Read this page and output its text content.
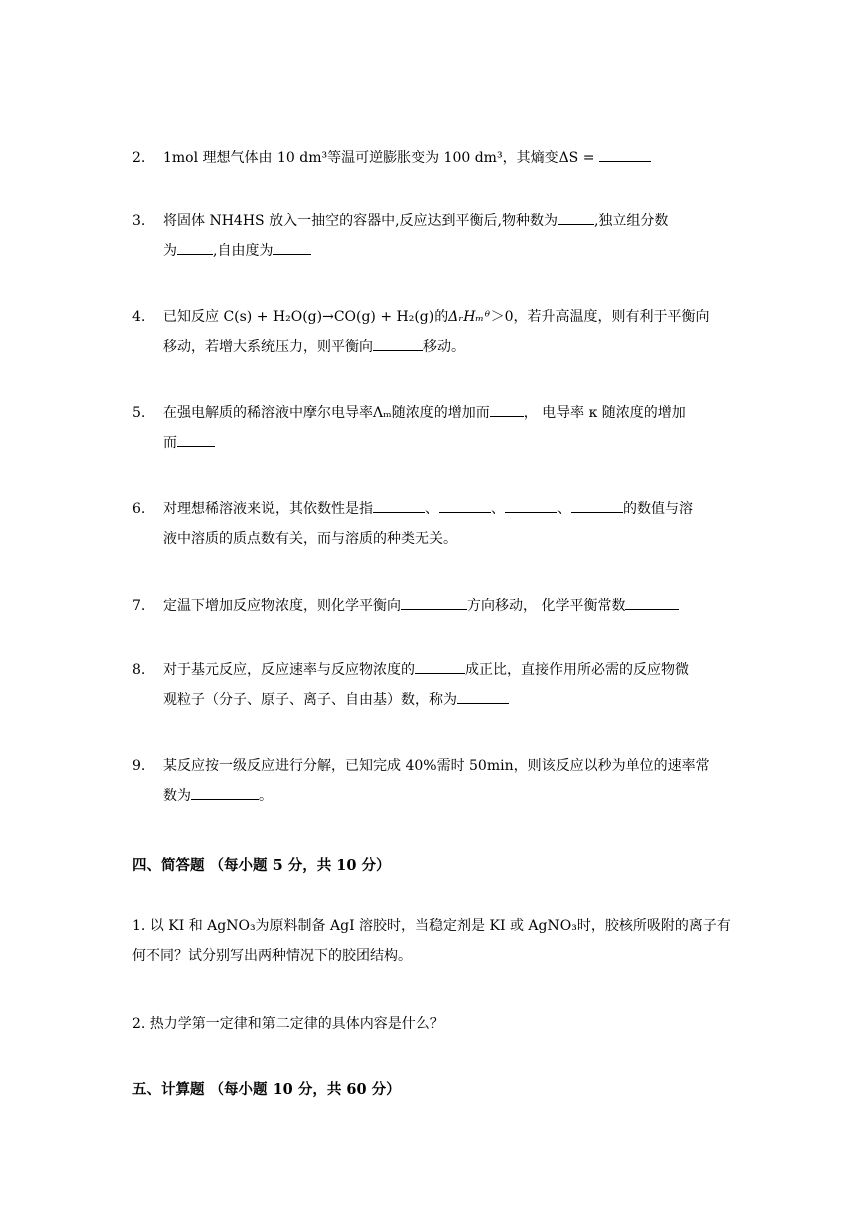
2.	1mol 理想气体由 10 dm³等温可逆膨胀变为 100 dm³，其熵变ΔS =
3.	将固体 NH4HS 放入一抽空的容器中,反应达到平衡后,物种数为	,独立组分数
为	,自由度为
4.	已知反应 C(s) + H₂O(g)→CO(g) + H₂(g)的ΔᵣHₘᶿ＞0，若升高温度，则有利于平衡向
移动，若增大系统压力，则平衡向	移动。
5.	在强电解质的稀溶液中摩尔电导率Λₘ随浓度的增加而 ， 电导率 κ 随浓度的增加
而
6.	对理想稀溶液来说，其依数性是指	、	、	、	的数值与溶
液中溶质的质点数有关，而与溶质的种类无关。
7.	定温下增加反应物浓度，则化学平衡向	方向移动， 化学平衡常数
8.	对于基元反应，反应速率与反应物浓度的	成正比，直接作用所必需的反应物微
观粒子（分子、原子、离子、自由基）数，称为
9.	某反应按一级反应进行分解，已知完成 40%需时 50min，则该反应以秒为单位的速率常
数为	。
四、简答题 （每小题 5 分，共 10 分）
1. 以 KI 和 AgNO₃为原料制备 AgI 溶胶时，当稳定剂是 KI 或 AgNO₃时，胶核所吸附的离子有
何不同？试分别写出两种情况下的胶团结构。
2. 热力学第一定律和第二定律的具体内容是什么？
五、计算题 （每小题 10 分，共 60 分）
